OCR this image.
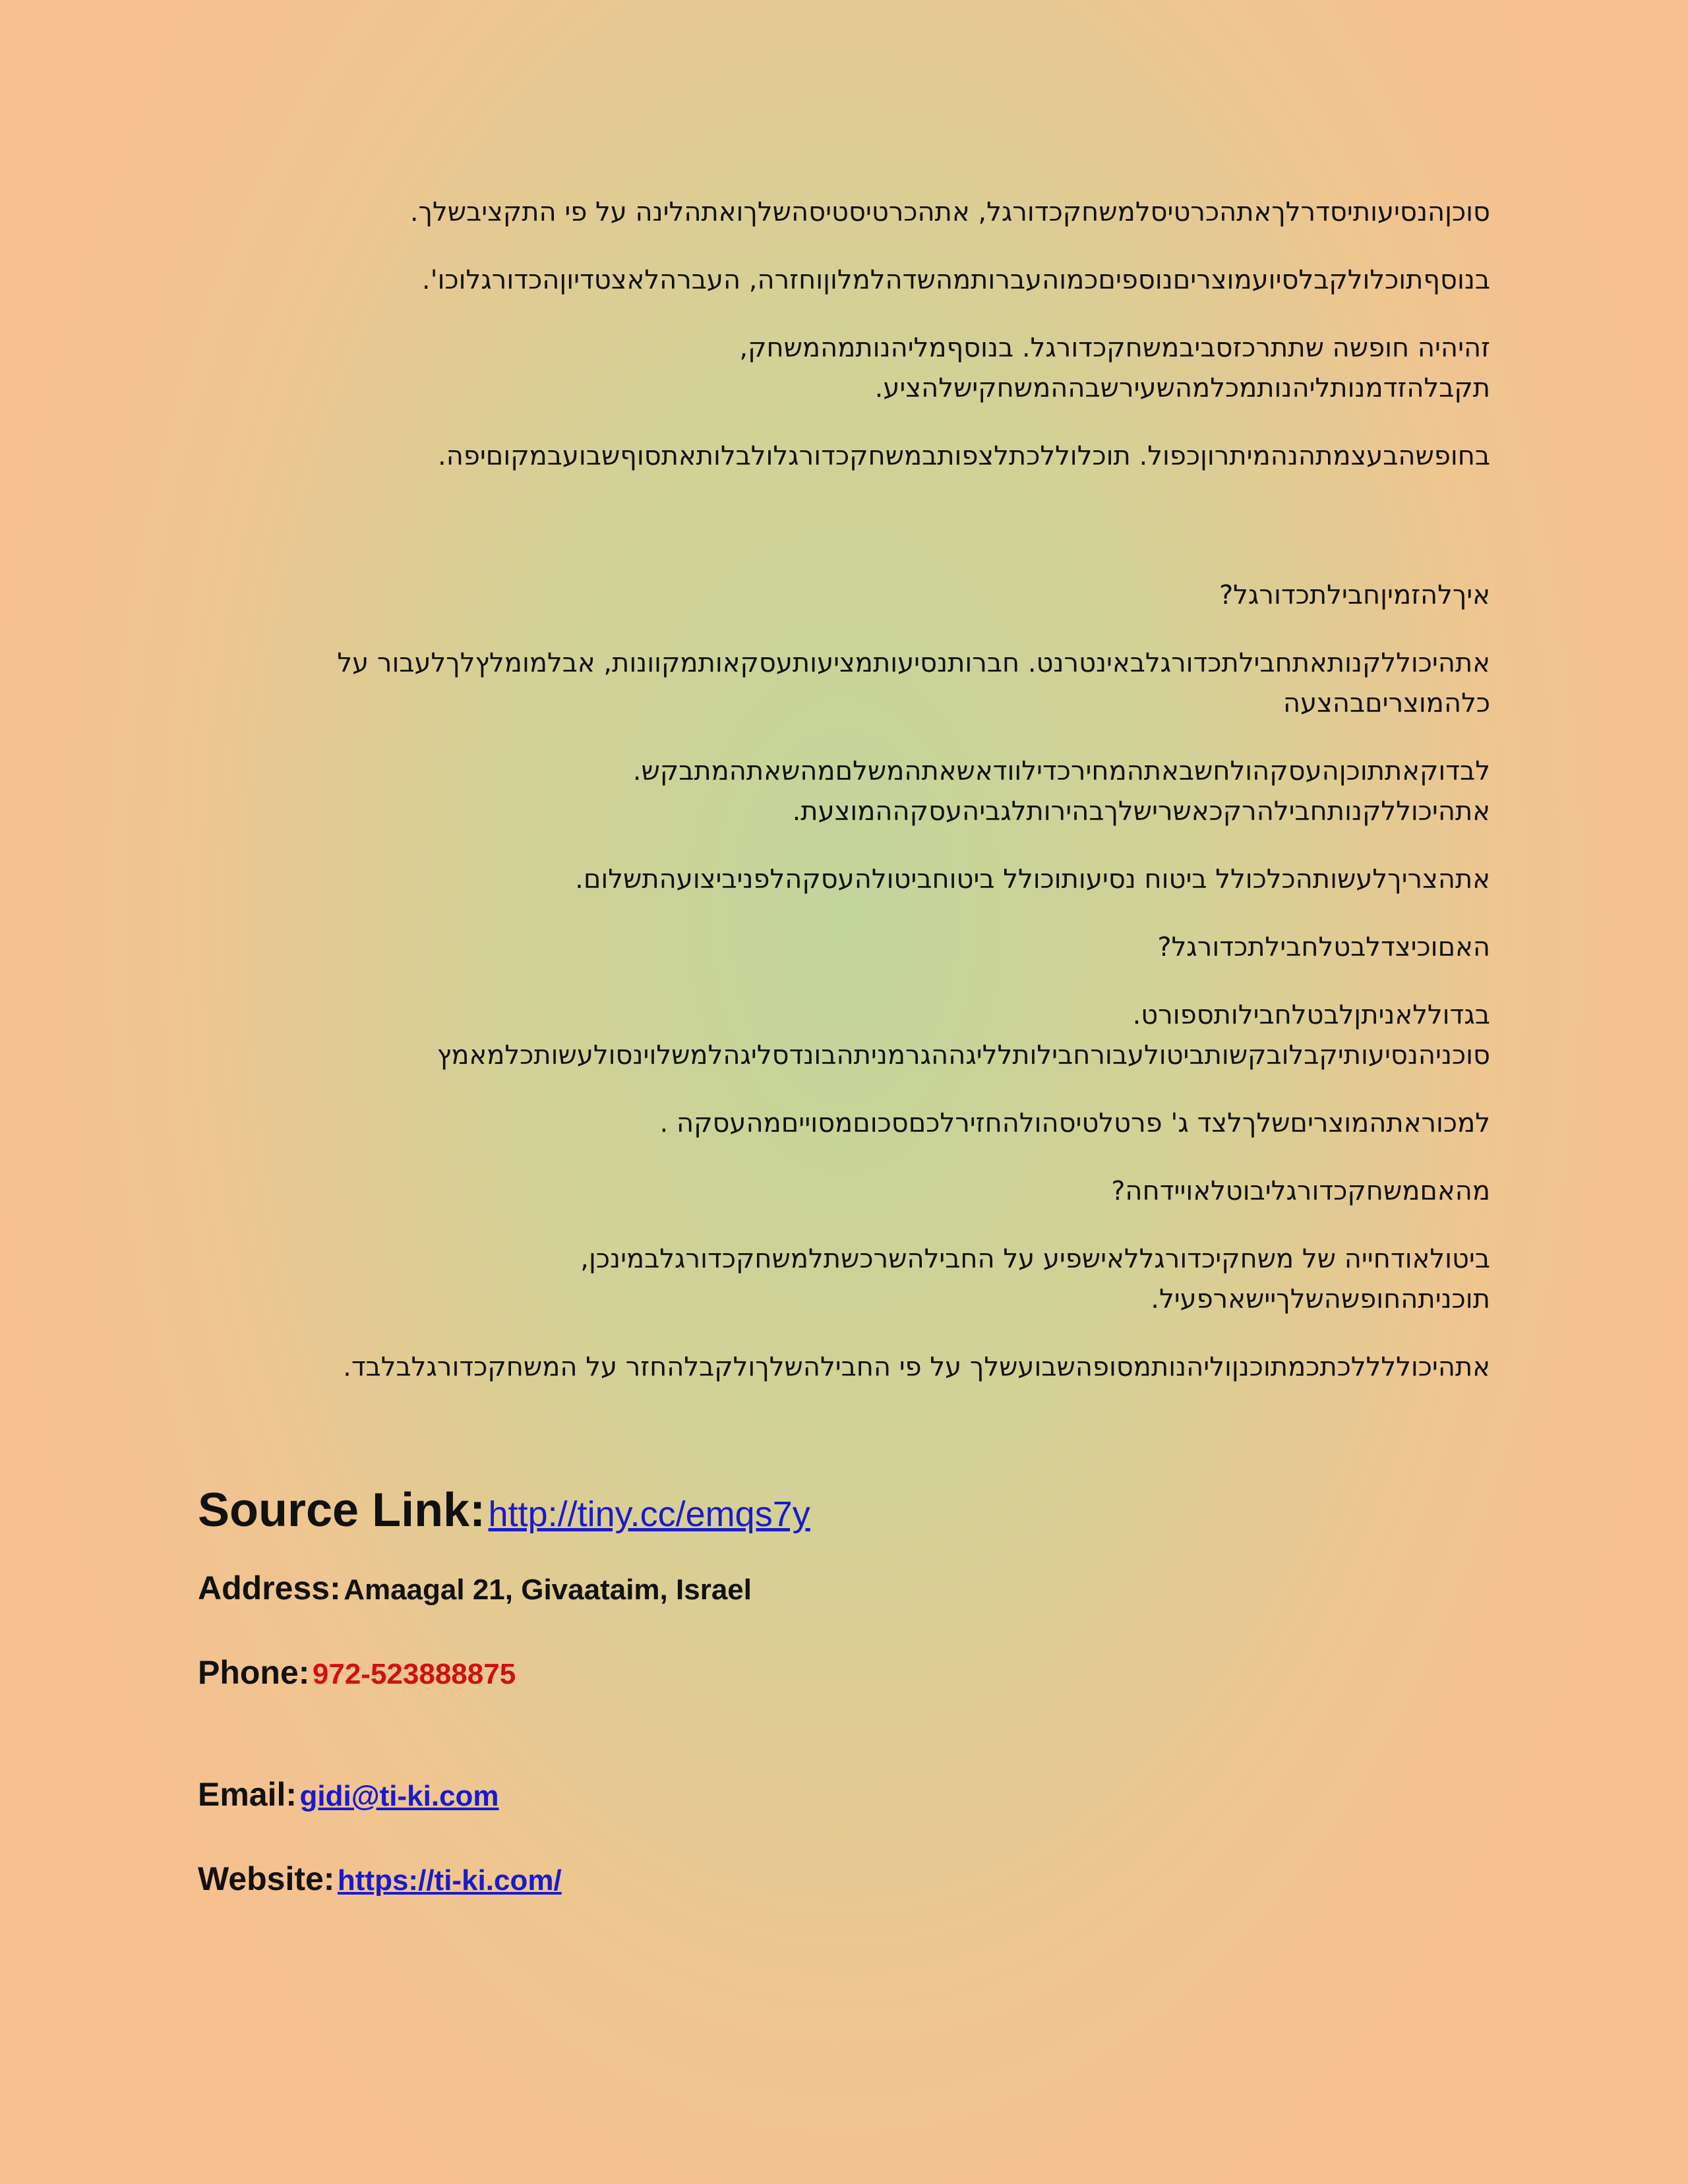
סוכןהנסיעותיסדרלךאתהכרטיסלמשחקכדורגל, אתהכרטיסטיסהשלךואתהלינה על פי התקציבשלך.

בנוסףתוכלולקבלסיועמוצריםנוספיםכמוהעברותמהשדהלמלוןוחזרה, העברהלאצטדיוןהכדורגלוכו'.

זהיהיה חופשה שתתרכזסביבמשחקכדורגל. בנוסףמליהנותמהמשחק,
תקבלהזדמנותליהנותמכלמהשעירשבההמשחקישלהציע.

בחופשהבעצמתהנהמיתרוןכפול. תוכלוללכתלצפותבמשחקכדורגלולבלותאתסוףשבועבמקוםיפה.

איךלהזמיןחבילתכדורגל?

אתהיכוללקנותאתחבילתכדורגלבאינטרנט. חברותנסיעותמציעותעסקאותמקוונות, אבלמומלץלךלעבור על
כלהמוצריםבהצעה

לבדוקאתתוכןהעסקהולחשבאתהמחירכדילוודאשאתהמשלםמהשאתהמתבקש.
אתהיכוללקנותחבילהרקכאשרישלךבהירותלגביהעסקההמוצעת.

אתהצריךלעשותהכלכולל ביטוח נסיעותוכולל ביטוחביטולהעסקהלפניביצועהתשלום.

האםוכיצדלבטלחבילתכדורגל?

בגדוללאניתןלבטלחבילותספורט.
סוכניהנסיעותיקבלובקשותביטולעבורחבילותלליגההגרמניתהבונדסליגהלמשלוינסולעשותכלמאמץ

למכוראתהמוצריםשלךלצד ג' פרטלטיסהולהחזירלכםסכוםמסוייםמהעסקה .

מהאםמשחקכדורגליבוטלאויידחה?

ביטולאודחייה של משחקיכדורגללאישפיע על החבילהשרכשתלמשחקכדורגלבמינכן,
תוכניתהחופשהשלךיישארפעיל.

אתהיכוללללכתכמתוכנןוליהנותמסופהשבועשלך על פי החבילהשלךולקבלהחזר על המשחקכדורגלבלבד.

Source Link: http://tiny.cc/emqs7y
Address: Amaagal 21, Givaataim, Israel
Phone: 972-523888875
Email: gidi@ti-ki.com
Website: https://ti-ki.com/
